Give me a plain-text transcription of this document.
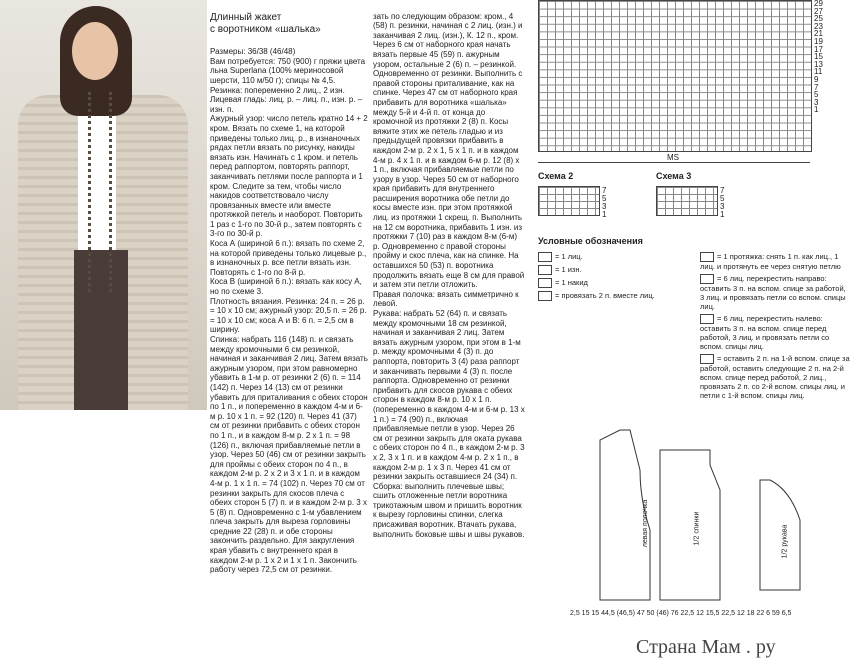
Длинный жакет
с воротником «шалька»

Размеры: 36/38 (46/48)
Вам потребуется: 750 (900) г пряжи цвета льна Superlana (100% мериносовой шерсти, 110 м/50 г); спицы № 4,5.
Резинка: попеременно 2 лиц., 2 изн.
Лицевая гладь: лиц. р. – лиц. п., изн. р. – изн. п.
Ажурный узор: число петель кратно 14 + 2 кром. Вязать по схеме 1, на которой приведены только лиц. р., в изнаночных рядах петли вязать по рисунку, накиды вязать изн. Начинать с 1 кром. и петель перед раппортом, повторять раппорт, заканчивать петлями после раппорта и 1 кром. Следите за тем, чтобы число накидов соответствовало числу провязанных вместе или вместе протяжкой петель и наоборот. Повторить 1 раз с 1-го по 30-й р., затем повторять с 3-го по 30-й р.
Коса А (шириной 6 п.): вязать по схеме 2, на которой приведены только лицевые р., в изнаночных р. все петли вязать изн. Повторять с 1-го по 8-й р.
Коса В (шириной 6 п.): вязать как косу А, но по схеме 3.
Плотность вязания. Резинка: 24 п. = 26 р. = 10 х 10 см; ажурный узор: 20,5 п. = 26 р. = 10 х 10 см; коса А и В: 6 п. = 2,5 см в ширину.
Спинка: набрать 116 (148) п. и связать между кромочными 6 см резинкой, начиная и заканчивая 2 лиц. Затем вязать ажурным узором, при этом равномерно убавить в 1-м р. от резинки 2 (6) п. = 114 (142) п. Через 14 (13) см от резинки убавить для приталивания с обеих сторон по 1 п., и попеременно в каждом 4-м и 6-м р. 10 х 1 п. = 92 (120) п. Через 41 (37) см от резинки прибавить с обеих сторон по 1 п., и в каждом 8-м р. 2 х 1 п. = 98 (126) п., включая прибавляемые петли в узор. Через 50 (46) см от резинки закрыть для проймы с обеих сторон по 4 п., в каждом 2-м р. 2 х 2 и 3 х 1 п. и в каждом 4-м р. 1 х 1 п. = 74 (102) п. Через 70 см от резинки закрыть для скосов плеча с обеих сторон 5 (7) п. и в каждом 2-м р. 3 х 5 (8) п. Одновременно с 1-м убавлением плеча закрыть для выреза горловины средние 22 (28) п. и обе стороны закончить раздельно. Для закругления края убавить с внутреннего края в каждом 2-м р. 1 х 2 и 1 х 1 п. Закончить работу через 72,5 см от резинки.

зать по следующим образом: кром., 4 (58) п. резинки, начиная с 2 лиц. (изн.) и заканчивая 2 лиц. (изн.), К. 12 п., кром. Через 6 см от наборного края начать вязать первые 45 (59) п. ажурным узором, остальные 2 (6) п. – резинкой. Одновременно от резинки. Выполнить с правой стороны приталивание, как на спинке. Через 47 см от наборного края прибавить для воротника «шалька» между 5-й и 4-й п. от конца до кромочной из протяжки 2 (8) п. Косы вяжите этих же петель гладью и из предыдущей провязки прибавить в каждом 2-м р. 2 х 1, 5 х 1 п. и в каждом 4-м р. 4 х 1 п. и в каждом 6-м р. 12 (8) х 1 п., включая прибавляемые петли по узору в узор. Через 50 см от наборного края прибавить для внутреннего расширения воротника обе петли до косы вместе изн. при этом протяжкой лиц. из протяжки 1 скрещ. п. Выполнить на 12 см воротника, прибавить 1 изн. из протяжки 7 (10) раз в каждом 8-м (6-м) р. Одновременно с правой стороны пройму и скос плеча, как на спинке. На оставшихся 50 (53) п. воротника продолжить вязать еще 8 см для правой и затем эти петли отложить.
Правая полочка: вязать симметрично к левой.
Рукава: набрать 52 (64) п. и связать между кромочными 18 см резинкой, начиная и заканчивая 2 лиц. Затем вязать ажурным узором, при этом в 1-м р. между кромочными 4 (3) п. до раппорта, повторить 3 (4) раза раппорт и заканчивать первыми 4 (3) п. после раппорта. Одновременно от резинки прибавить для скосов рукава с обеих сторон в каждом 8-м р. 10 х 1 п. (попеременно в каждом 4-м и 6-м р. 13 х 1 п.) = 74 (90) п., включая прибавляемые петли в узор. Через 26 см от резинки закрыть для оката рукава с обеих сторон по 4 п., в каждом 2-м р. 3 х 2, 3 х 1 п. и в каждом 4-м р. 2 х 1 п., в каждом 2-м р. 1 х 3 п. Через 41 см от резинки закрыть оставшиеся 24 (34) п.
Сборка: выполнить плечевые швы; сшить отложенные петли воротника трикотажным швом и пришить воротник к вырезу горловины спинки, слегка присаживая воротник. Втачать рукава, выполнить боковые швы и швы рукавов.

29
27
25
23
21
19
17
15
13
11
9
7
5
3
1
MS
Схема 2
7
5
3
1
Схема 3
7
5
3
1
Условные обозначения
= 1 лиц.
= 1 изн.
= 1 накид
= провязать 2 п. вместе лиц.
= 1 протяжка: снять 1 п. как лиц., 1 лиц. и протянуть ее через снятую петлю
= 6 лиц. перекрестить направо: оставить 3 п. на вспом. спице за работой, 3 лиц. и провязать петли со вспом. спицы лиц.
= 6 лиц. перекрестить налево: оставить 3 п. на вспом. спице перед работой, 3 лиц. и провязать петли со вспом. спицы лиц.
= оставить 2 п. на 1-й вспом. спице за работой, оставить следующие 2 п. на 2-й вспом. спице перед работой, 2 лиц., провязать 2 п. со 2-й вспом. спицы лиц. и петли с 1-й вспом. спицы лиц.
левая полочка	1/2 спинки	1/2 рукава
2,5 15 15 44,5 (46,5) 47 50 (46) 76 22,5 12 15,5 22,5 12 18 22 6 59 6,5
Страна Мам . ру
